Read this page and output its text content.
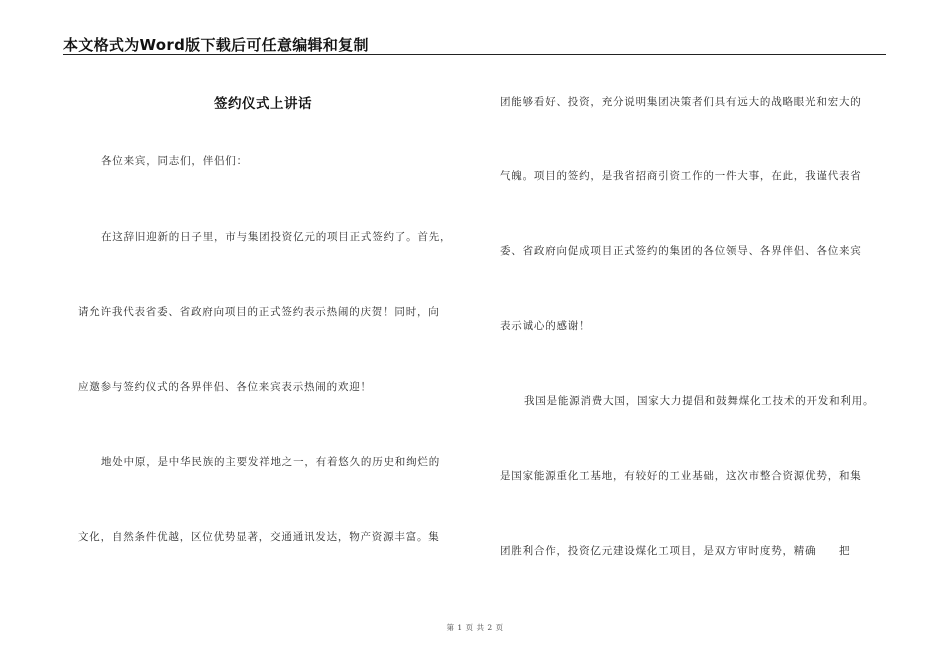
本文格式为Word版下载后可任意编辑和复制
签约仪式上讲话
各位来宾，同志们，伴侣们：
在这辞旧迎新的日子里，市与集团投资亿元的项目正式签约了。首先，
请允许我代表省委、省政府向项目的正式签约表示热闹的庆贺！同时，向
应邀参与签约仪式的各界伴侣、各位来宾表示热闹的欢迎！
地处中原，是中华民族的主要发祥地之一，有着悠久的历史和绚烂的
文化，自然条件优越，区位优势显著，交通通讯发达，物产资源丰富。集
团能够看好、投资，充分说明集团决策者们具有远大的战略眼光和宏大的
气魄。项目的签约，是我省招商引资工作的一件大事，在此，我谨代表省
委、省政府向促成项目正式签约的集团的各位领导、各界伴侣、各位来宾
表示诚心的感谢！
我国是能源消费大国，国家大力提倡和鼓舞煤化工技术的开发和利用。
是国家能源重化工基地，有较好的工业基础，这次市整合资源优势，和集
团胜利合作，投资亿元建设煤化工项目，是双方审时度势，精确　　把
第 1 页 共 2 页
